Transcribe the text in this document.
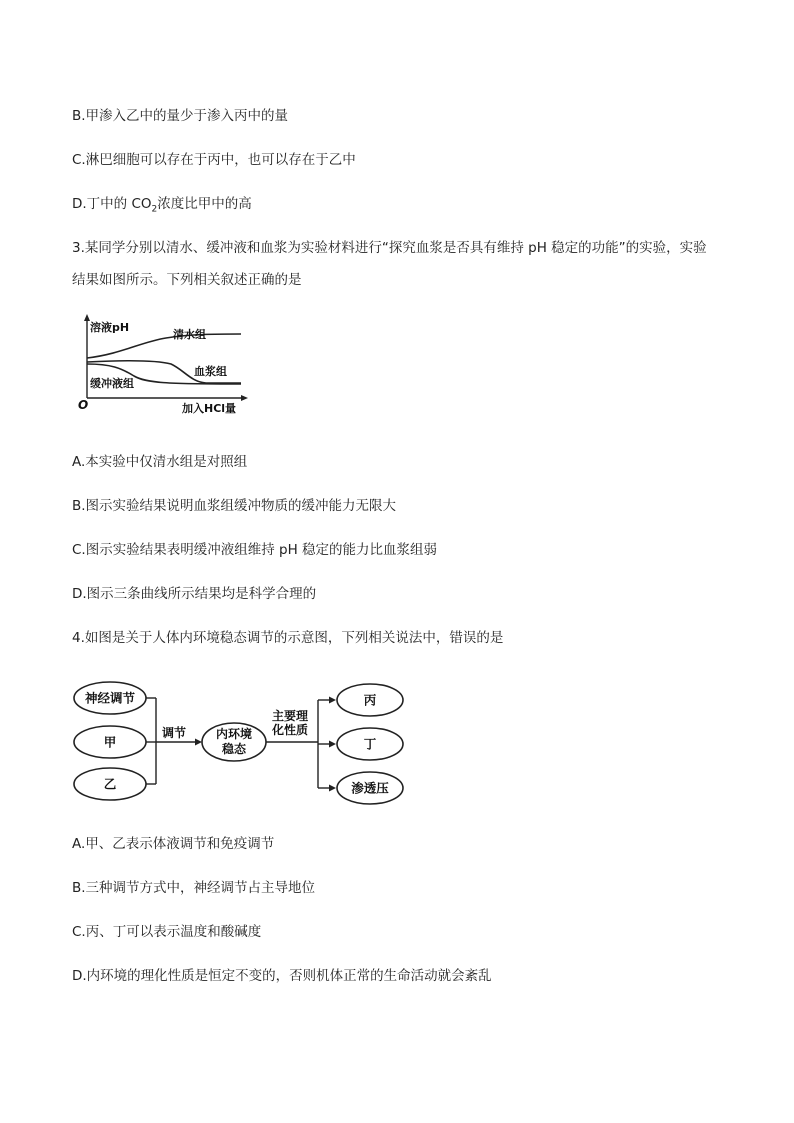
B.甲渗入乙中的量少于渗入丙中的量
C.淋巴细胞可以存在于丙中，也可以存在于乙中
D.丁中的 $CO_2$浓度比甲中的高
3.某同学分别以清水、缓冲液和血浆为实验材料进行“探究血浆是否具有维持 pH 稳定的功能”的实验，实验
结果如图所示。下列相关叙述正确的是
溶液pH
清水组
血浆组
缓冲液组
O	加入HCl量
A.本实验中仅清水组是对照组
B.图示实验结果说明血浆组缓冲物质的缓冲能力无限大
C.图示实验结果表明缓冲液组维持 pH 稳定的能力比血浆组弱
D.图示三条曲线所示结果均是科学合理的
4.如图是关于人体内环境稳态调节的示意图，下列相关说法中，错误的是
神经调节
甲
乙
调节 内环境
稳态
主要理
化性质
丙
丁
渗透压
A.甲、乙表示体液调节和免疫调节
B.三种调节方式中，神经调节占主导地位
C.丙、丁可以表示温度和酸碱度
D.内环境的理化性质是恒定不变的，否则机体正常的生命活动就会紊乱
